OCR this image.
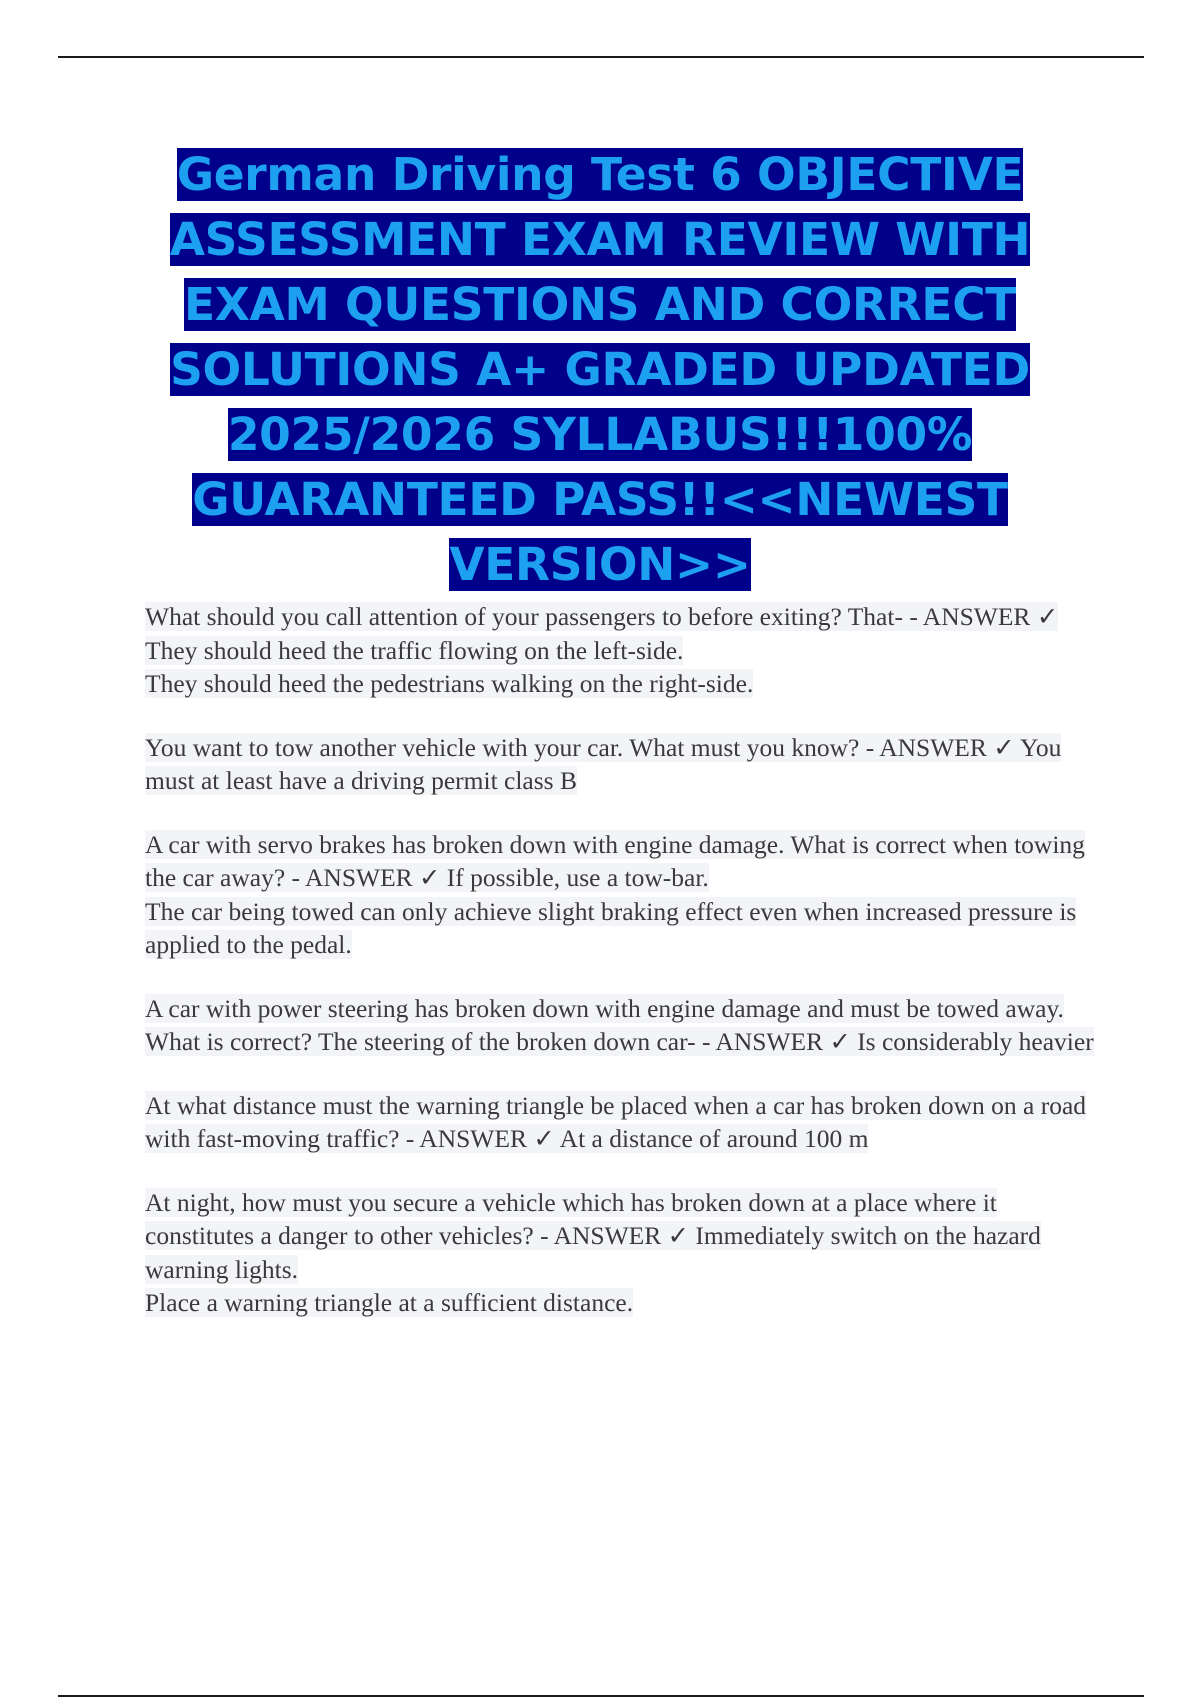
German Driving Test 6 OBJECTIVE ASSESSMENT EXAM REVIEW WITH EXAM QUESTIONS AND CORRECT SOLUTIONS A+ GRADED UPDATED 2025/2026 SYLLABUS!!!100% GUARANTEED PASS!!<<NEWEST VERSION>>
What should you call attention of your passengers to before exiting? That- - ANSWER ✓ They should heed the traffic flowing on the left-side.
They should heed the pedestrians walking on the right-side.
You want to tow another vehicle with your car. What must you know? - ANSWER ✓ You must at least have a driving permit class B
A car with servo brakes has broken down with engine damage. What is correct when towing the car away? - ANSWER ✓ If possible, use a tow-bar.
The car being towed can only achieve slight braking effect even when increased pressure is applied to the pedal.
A car with power steering has broken down with engine damage and must be towed away. What is correct? The steering of the broken down car- - ANSWER ✓ Is considerably heavier
At what distance must the warning triangle be placed when a car has broken down on a road with fast-moving traffic? - ANSWER ✓ At a distance of around 100 m
At night, how must you secure a vehicle which has broken down at a place where it constitutes a danger to other vehicles? - ANSWER ✓ Immediately switch on the hazard warning lights.
Place a warning triangle at a sufficient distance.
